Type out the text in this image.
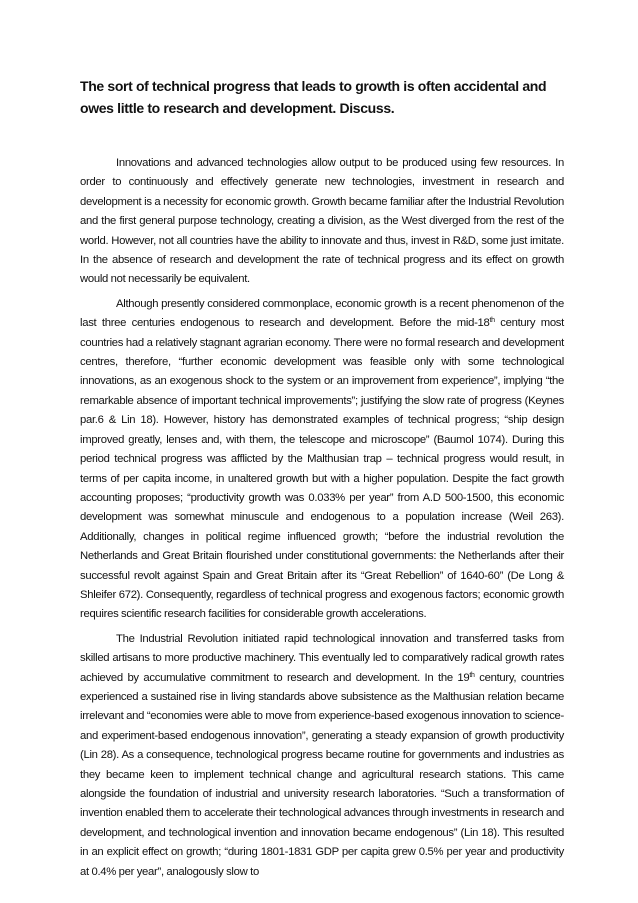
The sort of technical progress that leads to growth is often accidental and owes little to research and development. Discuss.

Innovations and advanced technologies allow output to be produced using few resources. In order to continuously and effectively generate new technologies, investment in research and development is a necessity for economic growth. Growth became familiar after the Industrial Revolution and the first general purpose technology, creating a division, as the West diverged from the rest of the world. However, not all countries have the ability to innovate and thus, invest in R&D, some just imitate. In the absence of research and development the rate of technical progress and its effect on growth would not necessarily be equivalent.

Although presently considered commonplace, economic growth is a recent phenomenon of the last three centuries endogenous to research and development. Before the mid-18th century most countries had a relatively stagnant agrarian economy. There were no formal research and development centres, therefore, “further economic development was feasible only with some technological innovations, as an exogenous shock to the system or an improvement from experience”, implying “the remarkable absence of important technical improvements”; justifying the slow rate of progress (Keynes par.6 & Lin 18). However, history has demonstrated examples of technical progress; “ship design improved greatly, lenses and, with them, the telescope and microscope” (Baumol 1074). During this period technical progress was afflicted by the Malthusian trap – technical progress would result, in terms of per capita income, in unaltered growth but with a higher population. Despite the fact growth accounting proposes; “productivity growth was 0.033% per year” from A.D 500-1500, this economic development was somewhat minuscule and endogenous to a population increase (Weil 263). Additionally, changes in political regime influenced growth; “before the industrial revolution the Netherlands and Great Britain flourished under constitutional governments: the Netherlands after their successful revolt against Spain and Great Britain after its “Great Rebellion” of 1640-60” (De Long & Shleifer 672). Consequently, regardless of technical progress and exogenous factors; economic growth requires scientific research facilities for considerable growth accelerations.

The Industrial Revolution initiated rapid technological innovation and transferred tasks from skilled artisans to more productive machinery. This eventually led to comparatively radical growth rates achieved by accumulative commitment to research and development. In the 19th century, countries experienced a sustained rise in living standards above subsistence as the Malthusian relation became irrelevant and “economies were able to move from experience-based exogenous innovation to science- and experiment-based endogenous innovation”, generating a steady expansion of growth productivity (Lin 28). As a consequence, technological progress became routine for governments and industries as they became keen to implement technical change and agricultural research stations. This came alongside the foundation of industrial and university research laboratories. “Such a transformation of invention enabled them to accelerate their technological advances through investments in research and development, and technological invention and innovation became endogenous” (Lin 18). This resulted in an explicit effect on growth; “during 1801-1831 GDP per capita grew 0.5% per year and productivity at 0.4% per year”, analogously slow to
